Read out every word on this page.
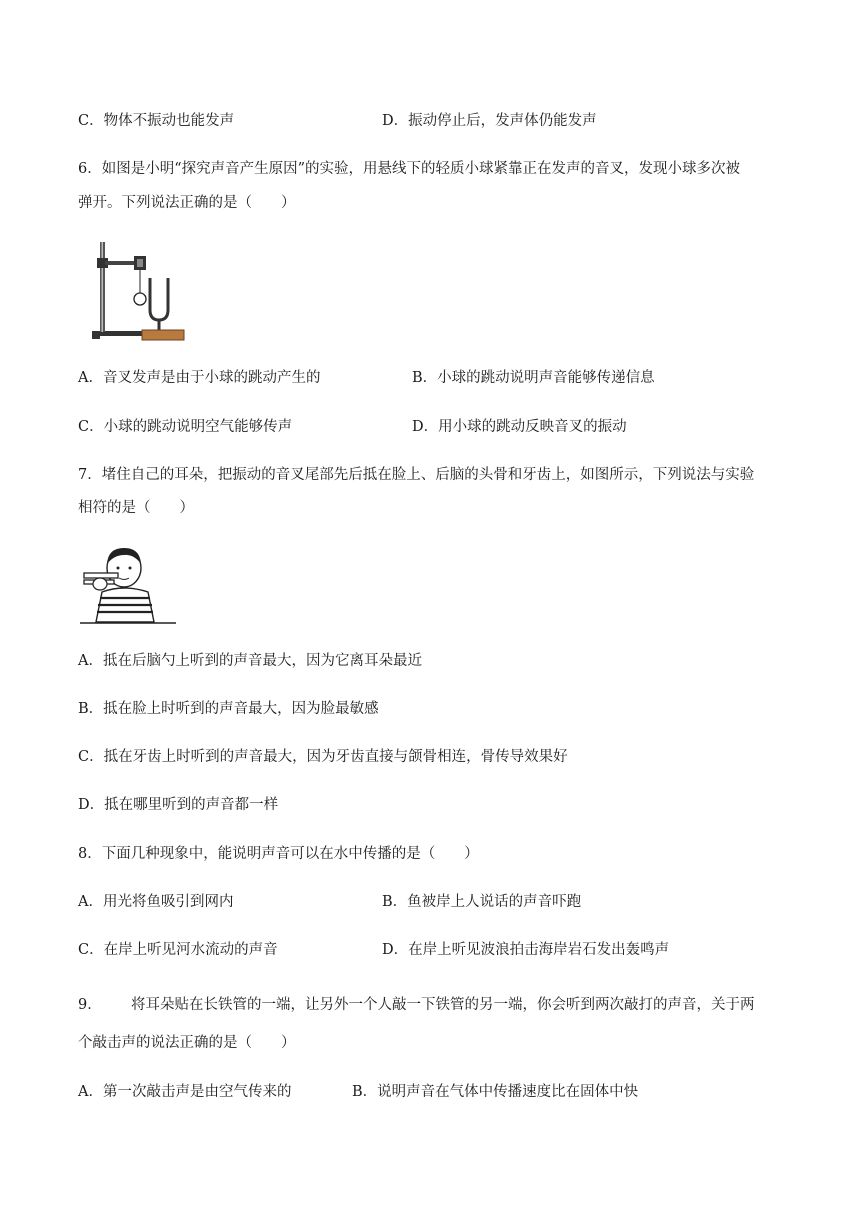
C．物体不振动也能发声	D．振动停止后，发声体仍能发声
6．如图是小明“探究声音产生原因”的实验，用悬线下的轻质小球紧靠正在发声的音叉，发现小球多次被
弹开。下列说法正确的是（　　）
A．音叉发声是由于小球的跳动产生的	B．小球的跳动说明声音能够传递信息
C．小球的跳动说明空气能够传声	D．用小球的跳动反映音叉的振动
7．堵住自己的耳朵，把振动的音叉尾部先后抵在脸上、后脑的头骨和牙齿上，如图所示，下列说法与实验
相符的是（　　）
A．抵在后脑勺上听到的声音最大，因为它离耳朵最近
B．抵在脸上时听到的声音最大，因为脸最敏感
C．抵在牙齿上时听到的声音最大，因为牙齿直接与颌骨相连，骨传导效果好
D．抵在哪里听到的声音都一样
8．下面几种现象中，能说明声音可以在水中传播的是（　　）
A．用光将鱼吸引到网内	B．鱼被岸上人说话的声音吓跑
C．在岸上听见河水流动的声音	D．在岸上听见波浪拍击海岸岩石发出轰鸣声
9． 将耳朵贴在长铁管的一端，让另外一个人敲一下铁管的另一端，你会听到两次敲打的声音，关于两
个敲击声的说法正确的是（　　）
A．第一次敲击声是由空气传来的	B．说明声音在气体中传播速度比在固体中快
